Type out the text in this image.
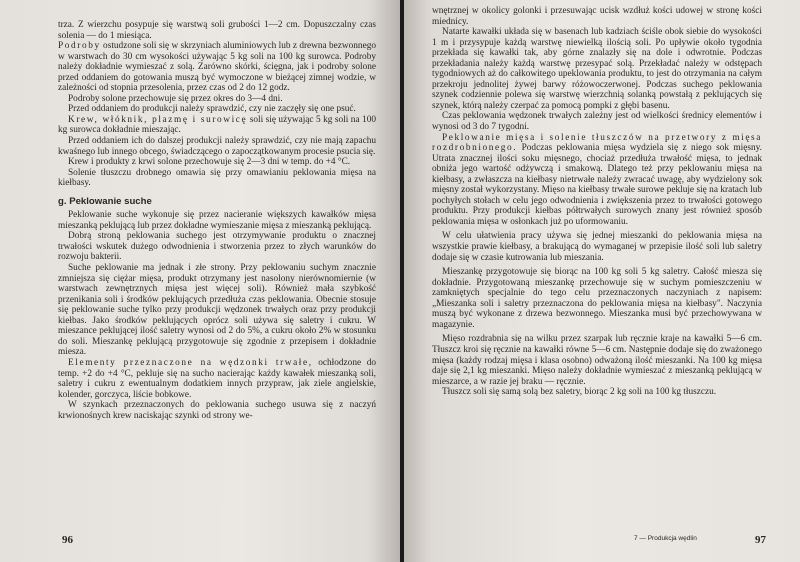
trza. Z wierzchu posypuje się warstwą soli grubości 1—2 cm. Dopuszczalny czas solenia — do 1 miesiąca.

Podroby ostudzone soli się w skrzyniach aluminiowych lub z drewna bezwonnego w warstwach do 30 cm wysokości używając 5 kg soli na 100 kg surowca. Podroby należy dokładnie wymieszać z solą. Zarówno skórki, ścięgna, jak i podroby solone przed oddaniem do gotowania muszą być wymoczone w bieżącej zimnej wodzie, w zależności od stopnia przesolenia, przez czas od 2 do 12 godz.

Podroby solone przechowuje się przez okres do 3—4 dni.

Przed oddaniem do produkcji należy sprawdzić, czy nie zaczęły się one psuć.

Krew, włóknik, plazmę i surowicę soli się używając 5 kg soli na 100 kg surowca dokładnie mieszając.

Przed oddaniem ich do dalszej produkcji należy sprawdzić, czy nie mają zapachu kwaśnego lub innego obcego, świadczącego o zapoczątkowanym procesie psucia się.

Krew i produkty z krwi solone przechowuje się 2—3 dni w temp. do +4 °C.

Solenie tłuszczu drobnego omawia się przy omawianiu peklowania mięsa na kiełbasy.

g. Peklowanie suche

Peklowanie suche wykonuje się przez nacieranie większych kawałków mięsa mieszanką peklującą lub przez dokładne wymieszanie mięsa z mieszanką peklującą.

Dobrą stroną peklowania suchego jest otrzymywanie produktu o znacznej trwałości wskutek dużego odwodnienia i stworzenia przez to złych warunków do rozwoju bakterii.

Suche peklowanie ma jednak i złe strony. Przy peklowaniu suchym znacznie zmniejsza się ciężar mięsa, produkt otrzymany jest nasolony nierównomiernie (w warstwach zewnętrznych mięsa jest więcej soli). Również mała szybkość przenikania soli i środków peklujących przedłuża czas peklowania. Obecnie stosuje się peklowanie suche tylko przy produkcji wędzonek trwałych oraz przy produkcji kiełbas. Jako środków peklujących oprócz soli używa się saletry i cukru. W mieszance peklującej ilość saletry wynosi od 2 do 5%, a cukru około 2% w stosunku do soli. Mieszankę peklującą przygotowuje się zgodnie z przepisem i dokładnie miesza.

Elementy przeznaczone na wędzonki trwałe, ochłodzone do temp. +2 do +4 °C, peklujе się na sucho nacierając każdy kawałek mieszanką soli, saletry i cukru z ewentualnym dodatkiem innych przypraw, jak ziele angielskie, kolender, gorczyca, liście bobkowe.

W szynkach przeznaczonych do peklowania suchego usuwa się z naczyń krwionośnych krew naciskając szynki od strony we-

96

wnętrznej w okolicy golonki i przesuwając ucisk wzdłuż kości udowej w stronę kości miednicy.

Natarte kawałki układa się w basenach lub kadziach ściśle obok siebie do wysokości 1 m i przysypuje każdą warstwę niewielką ilością soli. Po upływie około tygodnia przekłada się kawałki tak, aby górne znalazły się na dole i odwrotnie. Podczas przekładania należy każdą warstwę przesypać solą. Przekładać należy w odstępach tygodniowych aż do całkowitego upeklowania produktu, to jest do otrzymania na całym przekroju jednolitej żywej barwy różowoczerwonej. Podczas suchego peklowania szynek codziennie polewa się warstwę wierzchnią solanką powstałą z peklujących się szynek, którą należy czerpać za pomocą pompki z głębi basenu.

Czas peklowania wędzonek trwałych zależny jest od wielkości średnicy elementów i wynosi od 3 do 7 tygodni.

Peklowanie mięsa i solenie tłuszczów na przetwory z mięsa rozdrobnionego. Podczas peklowania mięsa wydziela się z niego sok mięsny. Utrata znacznej ilości soku mięsnego, chociaż przedłuża trwałość mięsa, to jednak obniża jego wartość odżywczą i smakową. Dlatego też przy peklowaniu mięsa na kiełbasy, a zwłaszcza na kiełbasy nietrwałe należy zwracać uwagę, aby wydzielony sok mięsny został wykorzystany. Mięso na kiełbasy trwałe surowe peklujе się na kratach lub pochyłych stołach w celu jego odwodnienia i zwiększenia przez to trwałości gotowego produktu. Przy produkcji kiełbas półtrwałych surowych znany jest również sposób peklowania mięsa w osłonkach już po uformowaniu.

W celu ułatwienia pracy używa się jednej mieszanki do peklowania mięsa na wszystkie prawie kiełbasy, a brakującą do wymaganej w przepisie ilość soli lub saletry dodaje się w czasie kutrowania lub mieszania.

Mieszankę przygotowuje się biorąc na 100 kg soli 5 kg saletry. Całość miesza się dokładnie. Przygotowaną mieszankę przechowuje się w suchym pomieszczeniu w zamkniętych specjalnie do tego celu przeznaczonych naczyniach z napisem: „Mieszanka soli i saletry przeznaczona do peklowania mięsa na kiełbasy". Naczynia muszą być wykonane z drzewa bezwonnego. Mieszanka musi być przechowywana w magazynie.

Mięso rozdrabnia się na wilku przez szarpak lub ręcznie kraje na kawałki 5—6 cm. Tłuszcz kroi się ręcznie na kawałki równe 5—6 cm. Następnie dodaje się do zważonego mięsa (każdy rodzaj mięsa i klasa osobno) odważoną ilość mieszanki. Na 100 kg mięsa daje się 2,1 kg mieszanki. Mięso należy dokładnie wymieszać z mieszanką peklującą w mieszarce, a w razie jej braku — ręcznie.

Tłuszcz soli się samą solą bez saletry, biorąc 2 kg soli na 100 kg tłuszczu.

7 — Produkcja wędlin	97
